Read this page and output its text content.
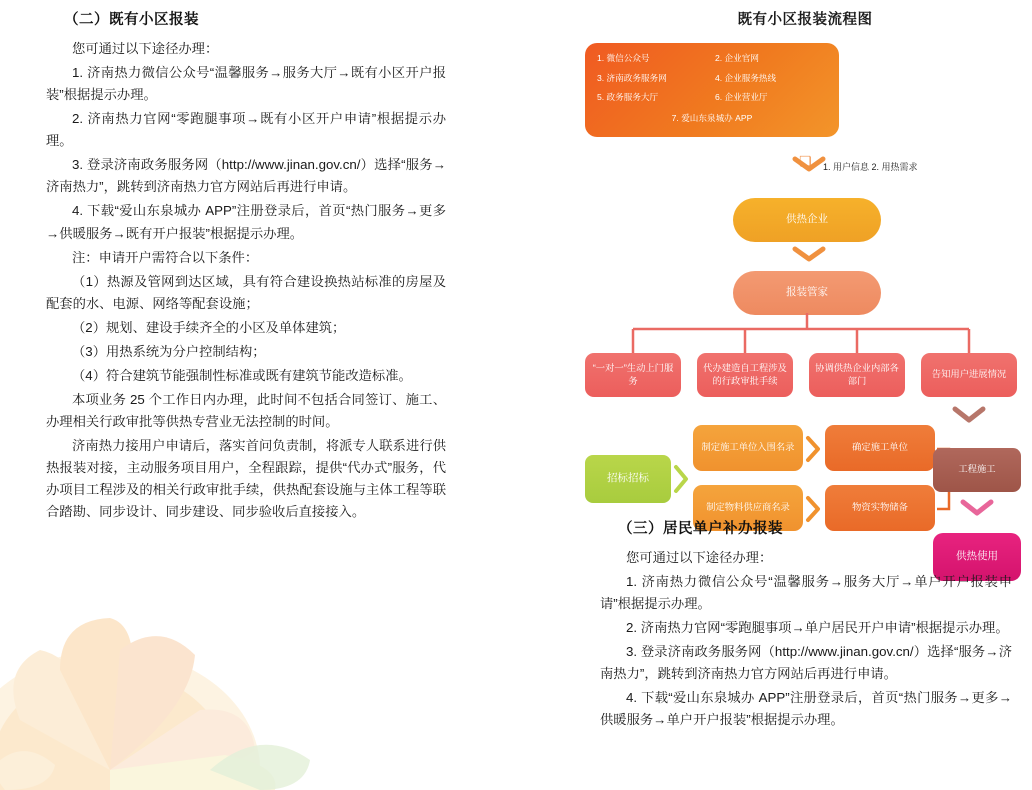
（二）既有小区报装

您可通过以下途径办理：

1. 济南热力微信公众号“温馨服务→服务大厅→既有小区开户报装”根据提示办理。

2. 济南热力官网“零跑腿事项→既有小区开户申请”根据提示办理。

3. 登录济南政务服务网（http://www.jinan.gov.cn/）选择“服务→济南热力”，跳转到济南热力官方网站后再进行申请。

4. 下载“爱山东泉城办 APP”注册登录后，首页“热门服务→更多→供暖服务→既有开户报装”根据提示办理。

注：申请开户需符合以下条件：

（1）热源及管网到达区域，具有符合建设换热站标准的房屋及配套的水、电源、网络等配套设施；

（2）规划、建设手续齐全的小区及单体建筑；

（3）用热系统为分户控制结构；

（4）符合建筑节能强制性标准或既有建筑节能改造标准。

本项业务 25 个工作日内办理，此时间不包括合同签订、施工、办理相关行政审批等供热专营业无法控制的时间。

济南热力接用户申请后，落实首问负责制，将派专人联系进行供热报装对接，主动服务项目用户，全程跟踪，提供“代办式”服务，代办项目工程涉及的相关行政审批手续，供热配套设施与主体工程等联合踏勘、同步设计、同步建设、同步验收后直接接入。

既有小区报装流程图
1. 微信公众号	2. 企业官网
3. 济南政务服务网	4. 企业服务热线
5. 政务服务大厅	6. 企业营业厅
7. 爱山东泉城办 APP
❏ 1. 用户信息 2. 用热需求
供热企业
报装管家
“一对一”生动上门服务
代办建造自工程涉及的行政审批手续
协调供热企业内部各部门
告知用户进展情况
招标招标
制定施工单位入围名录
制定物料供应商名录
确定施工单位
物资实物储备
工程施工
供热使用
（三）居民单户补办报装

您可通过以下途径办理：

1. 济南热力微信公众号“温馨服务→服务大厅→单户开户报装申请”根据提示办理。

2. 济南热力官网“零跑腿事项→单户居民开户申请”根据提示办理。

3. 登录济南政务服务网（http://www.jinan.gov.cn/）选择“服务→济南热力”，跳转到济南热力官方网站后再进行申请。

4. 下载“爱山东泉城办 APP”注册登录后，首页“热门服务→更多→供暖服务→单户开户报装”根据提示办理。
